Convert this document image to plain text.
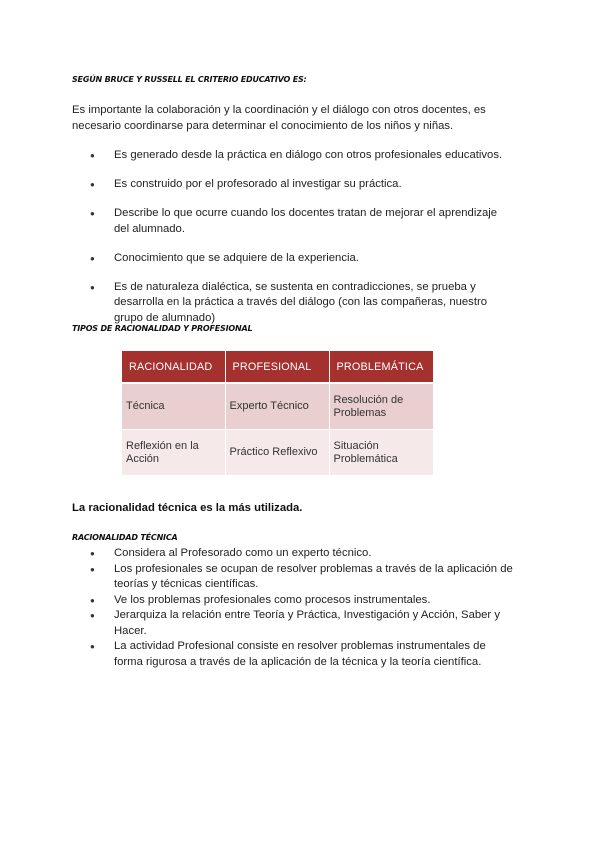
SEGÚN BRUCE Y RUSSELL EL CRITERIO EDUCATIVO ES:
Es importante la colaboración y la coordinación y el diálogo con otros docentes, es necesario coordinarse para determinar el conocimiento de los niños y niñas.
● Es generado desde la práctica en diálogo con otros profesionales educativos.
● Es construido por el profesorado al investigar su práctica.
● Describe lo que ocurre cuando los docentes tratan de mejorar el aprendizaje del alumnado.
● Conocimiento que se adquiere de la experiencia.
● Es de naturaleza dialéctica, se sustenta en contradicciones, se prueba y desarrolla en la práctica a través del diálogo (con las compañeras, nuestro grupo de alumnado)
TIPOS DE RACIONALIDAD Y PROFESIONAL
RACIONALIDAD	PROFESIONAL	PROBLEMÁTICA
Técnica	Experto Técnico	Resolución de Problemas
Reflexión en la Acción	Práctico Reflexivo	Situación Problemática
La racionalidad técnica es la más utilizada.
RACIONALIDAD TÉCNICA
● Considera al Profesorado como un experto técnico.
● Los profesionales se ocupan de resolver problemas a través de la aplicación de teorías y técnicas científicas.
● Ve los problemas profesionales como procesos instrumentales.
● Jerarquiza la relación entre Teoría y Práctica, Investigación y Acción, Saber y Hacer.
● La actividad Profesional consiste en resolver problemas instrumentales de forma rigurosa a través de la aplicación de la técnica y la teoría científica.
